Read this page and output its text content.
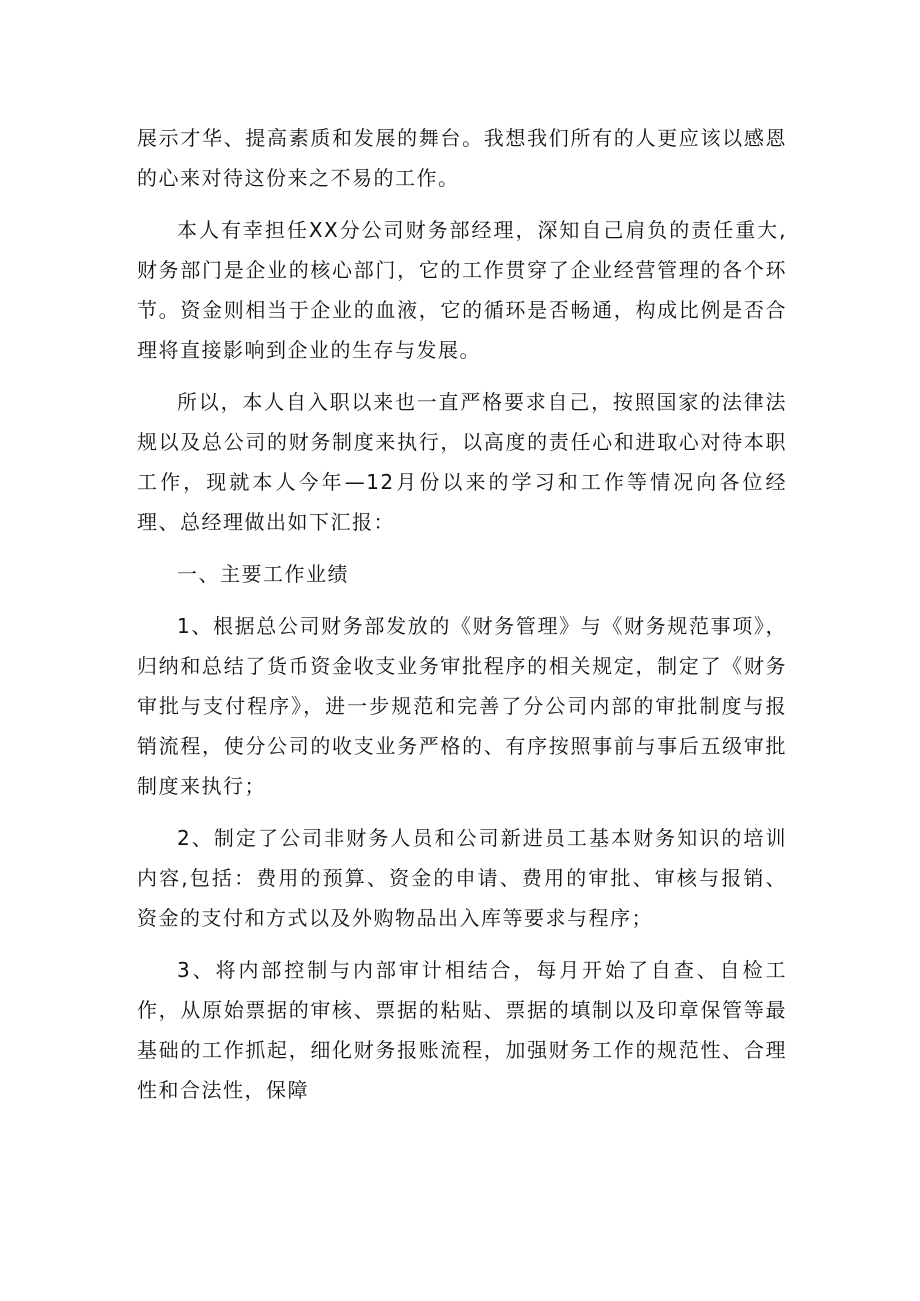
展示才华、提高素质和发展的舞台。我想我们所有的人更应该以感恩的心来对待这份来之不易的工作。

本人有幸担任XX分公司财务部经理，深知自己肩负的责任重大,财务部门是企业的核心部门，它的工作贯穿了企业经营管理的各个环节。资金则相当于企业的血液，它的循环是否畅通，构成比例是否合理将直接影响到企业的生存与发展。

所以，本人自入职以来也一直严格要求自己，按照国家的法律法规以及总公司的财务制度来执行，以高度的责任心和进取心对待本职工作，现就本人今年—12月份以来的学习和工作等情况向各位经理、总经理做出如下汇报：

一、主要工作业绩

1、根据总公司财务部发放的《财务管理》与《财务规范事项》，归纳和总结了货币资金收支业务审批程序的相关规定，制定了《财务审批与支付程序》，进一步规范和完善了分公司内部的审批制度与报销流程，使分公司的收支业务严格的、有序按照事前与事后五级审批制度来执行；

2、制定了公司非财务人员和公司新进员工基本财务知识的培训内容,包括：费用的预算、资金的申请、费用的审批、审核与报销、资金的支付和方式以及外购物品出入库等要求与程序；

3、将内部控制与内部审计相结合，每月开始了自查、自检工作，从原始票据的审核、票据的粘贴、票据的填制以及印章保管等最基础的工作抓起，细化财务报账流程，加强财务工作的规范性、合理性和合法性，保障
